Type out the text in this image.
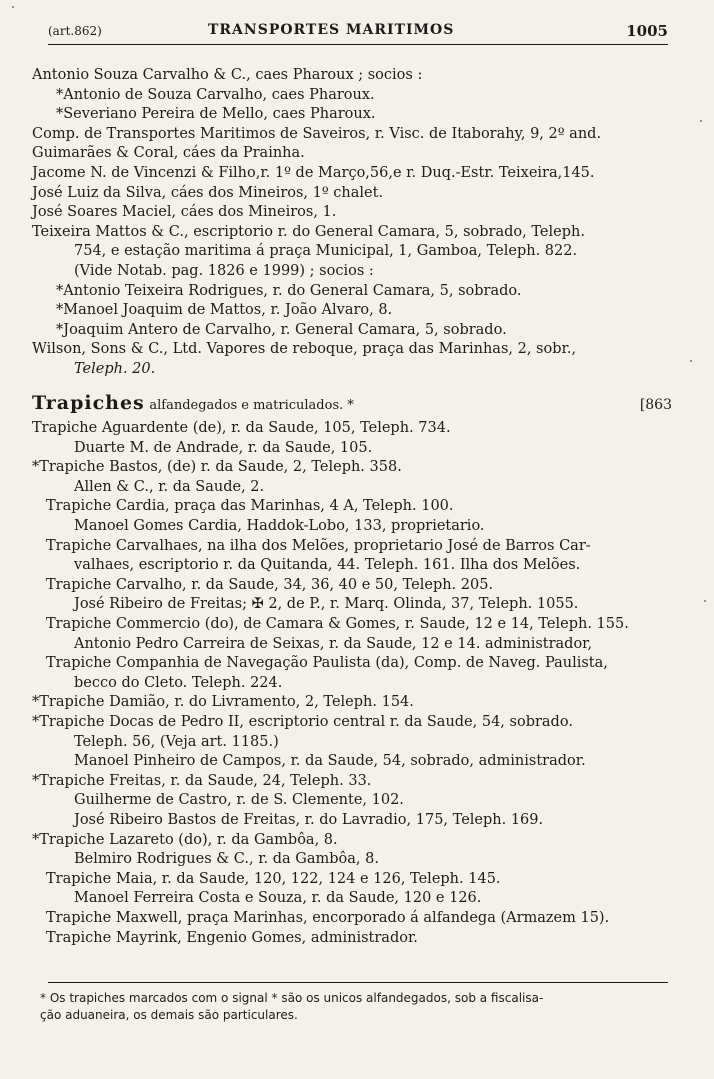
(art.862)	TRANSPORTES MARITIMOS	1005
Antonio Souza Carvalho & C., caes Pharoux ; socios :
*Antonio de Souza Carvalho, caes Pharoux.
*Severiano Pereira de Mello, caes Pharoux.
Comp. de Transportes Maritimos de Saveiros, r. Visc. de Itaborahy, 9, 2º and.
Guimarães & Coral, cáes da Prainha.
Jacome N. de Vincenzi & Filho,r. 1º de Março,56,e r. Duq.-Estr. Teixeira,145.
José Luiz da Silva, cáes dos Mineiros, 1º chalet.
José Soares Maciel, cáes dos Mineiros, 1.
Teixeira Mattos & C., escriptorio r. do General Camara, 5, sobrado, Teleph.
754, e estação maritima á praça Municipal, 1, Gamboa, Teleph. 822.
(Vide Notab. pag. 1826 e 1999) ; socios :
*Antonio Teixeira Rodrigues, r. do General Camara, 5, sobrado.
*Manoel Joaquim de Mattos, r. João Alvaro, 8.
*Joaquim Antero de Carvalho, r. General Camara, 5, sobrado.
Wilson, Sons & C., Ltd. Vapores de reboque, praça das Marinhas, 2, sobr.,
Teleph. 20.
Trapiches alfandegados e matriculados. *	[863
Trapiche Aguardente (de), r. da Saude, 105, Teleph. 734.
Duarte M. de Andrade, r. da Saude, 105.
*Trapiche Bastos, (de) r. da Saude, 2, Teleph. 358.
Allen & C., r. da Saude, 2.
Trapiche Cardia, praça das Marinhas, 4 A, Teleph. 100.
Manoel Gomes Cardia, Haddok-Lobo, 133, proprietario.
Trapiche Carvalhaes, na ilha dos Melões, proprietario José de Barros Car-
valhaes, escriptorio r. da Quitanda, 44. Teleph. 161. Ilha dos Melões.
Trapiche Carvalho, r. da Saude, 34, 36, 40 e 50, Teleph. 205.
José Ribeiro de Freitas; ✠ 2, de P., r. Marq. Olinda, 37, Teleph. 1055.
Trapiche Commercio (do), de Camara & Gomes, r. Saude, 12 e 14, Teleph. 155.
Antonio Pedro Carreira de Seixas, r. da Saude, 12 e 14. administrador,
Trapiche Companhia de Navegação Paulista (da), Comp. de Naveg. Paulista,
becco do Cleto. Teleph. 224.
*Trapiche Damião, r. do Livramento, 2, Teleph. 154.
*Trapiche Docas de Pedro II, escriptorio central r. da Saude, 54, sobrado.
Teleph. 56, (Veja art. 1185.)
Manoel Pinheiro de Campos, r. da Saude, 54, sobrado, administrador.
*Trapiche Freitas, r. da Saude, 24, Teleph. 33.
Guilherme de Castro, r. de S. Clemente, 102.
José Ribeiro Bastos de Freitas, r. do Lavradio, 175, Teleph. 169.
*Trapiche Lazareto (do), r. da Gambôa, 8.
Belmiro Rodrigues & C., r. da Gambôa, 8.
Trapiche Maia, r. da Saude, 120, 122, 124 e 126, Teleph. 145.
Manoel Ferreira Costa e Souza, r. da Saude, 120 e 126.
Trapiche Maxwell, praça Marinhas, encorporado á alfandega (Armazem 15).
Trapiche Mayrink, Engenio Gomes, administrador.
* Os trapiches marcados com o signal * são os unicos alfandegados, sob a fiscalisa-
ção aduaneira, os demais são particulares.
